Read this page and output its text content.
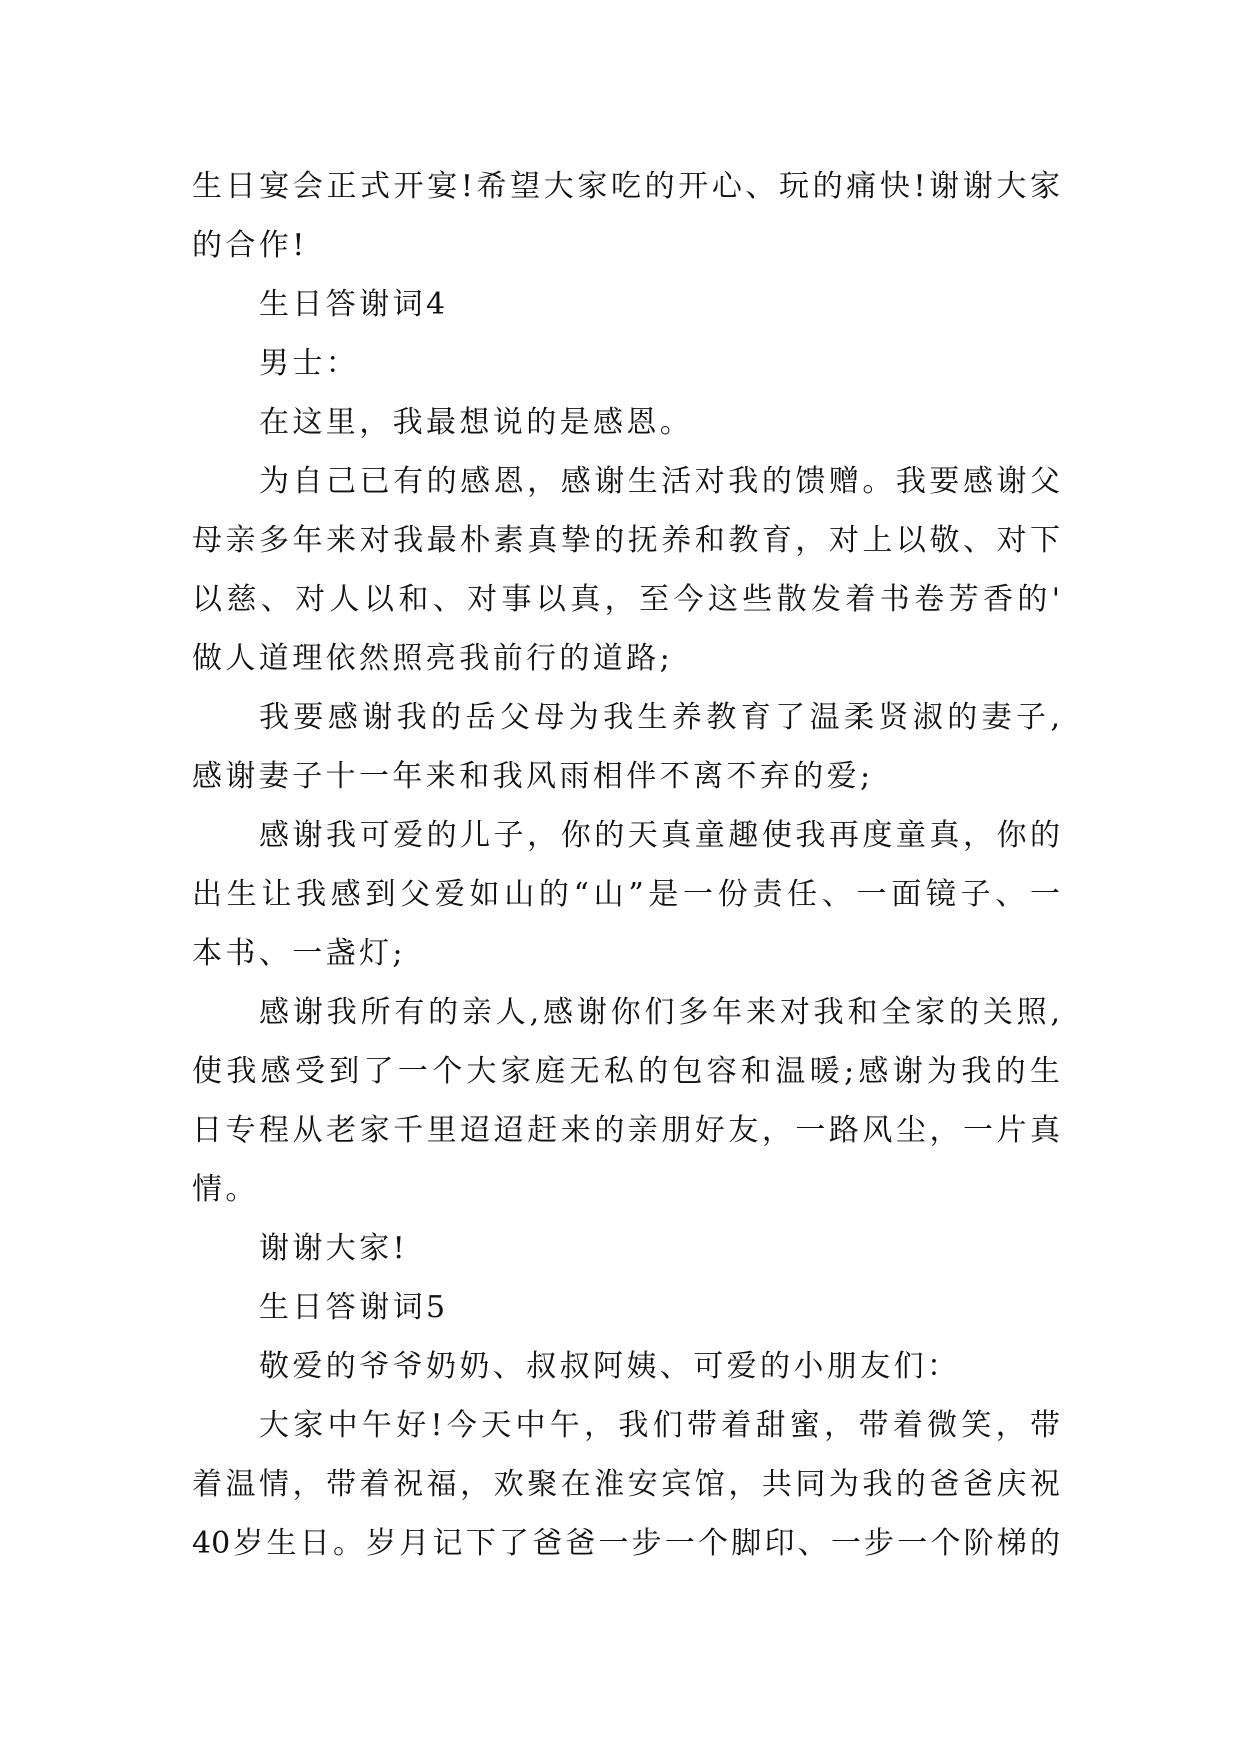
生日宴会正式开宴!希望大家吃的开心、玩的痛快!谢谢大家
的合作!
生日答谢词4
男士：
在这里，我最想说的是感恩。
为自己已有的感恩，感谢生活对我的馈赠。我要感谢父
母亲多年来对我最朴素真挚的抚养和教育，对上以敬、对下
以慈、对人以和、对事以真，至今这些散发着书卷芳香的'
做人道理依然照亮我前行的道路;
我要感谢我的岳父母为我生养教育了温柔贤淑的妻子,
感谢妻子十一年来和我风雨相伴不离不弃的爱;
感谢我可爱的儿子，你的天真童趣使我再度童真，你的
出生让我感到父爱如山的“山”是一份责任、一面镜子、一
本书、一盏灯;
感谢我所有的亲人,感谢你们多年来对我和全家的关照,
使我感受到了一个大家庭无私的包容和温暖;感谢为我的生
日专程从老家千里迢迢赶来的亲朋好友，一路风尘，一片真
情。
谢谢大家!
生日答谢词5
敬爱的爷爷奶奶、叔叔阿姨、可爱的小朋友们：
大家中午好!今天中午，我们带着甜蜜，带着微笑，带
着温情，带着祝福，欢聚在淮安宾馆，共同为我的爸爸庆祝
40岁生日。岁月记下了爸爸一步一个脚印、一步一个阶梯的
